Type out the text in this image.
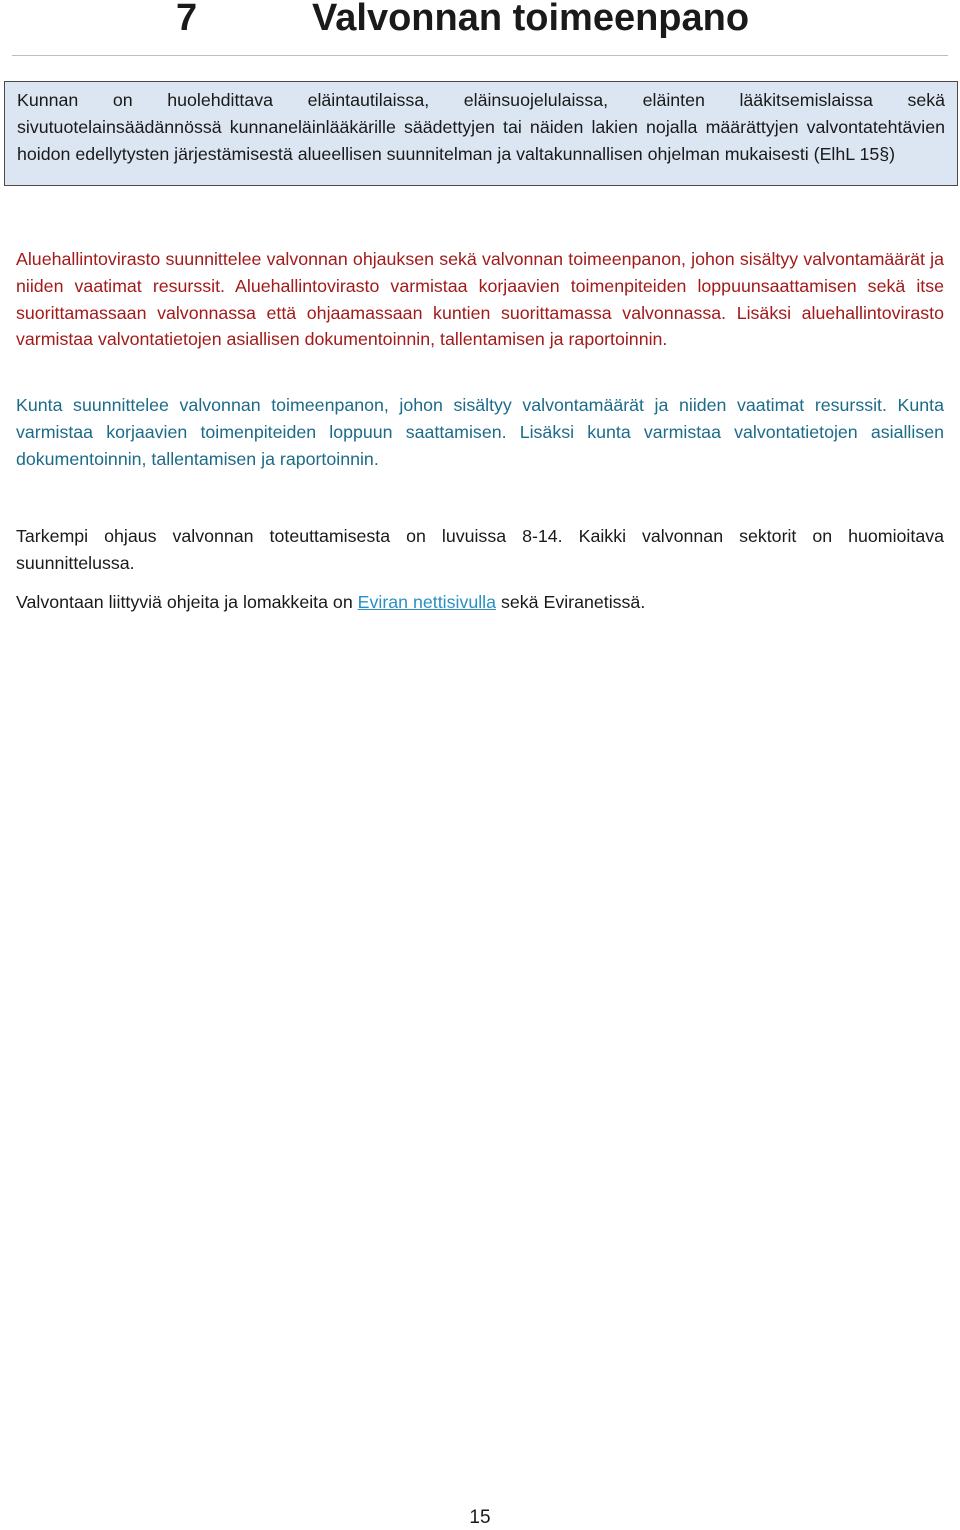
7	Valvonnan toimeenpano
Kunnan on huolehdittava eläintautilaissa, eläinsuojelulaissa, eläinten lääkitsemislaissa sekä sivutuotelainsäädännössä kunnaneläinlääkärille säädettyjen tai näiden lakien nojalla määrättyjen valvontatehtävien hoidon edellytysten järjestämisestä alueellisen suunnitelman ja valtakunnallisen ohjelman mukaisesti (ElhL 15§)

Aluehallintovirasto suunnittelee valvonnan ohjauksen sekä valvonnan toimeenpanon, johon sisältyy valvontamäärät ja niiden vaatimat resurssit. Aluehallintovirasto varmistaa korjaavien toimenpiteiden loppuunsaattamisen sekä itse suorittamassaan valvonnassa että ohjaamassaan kuntien suorittamassa valvonnassa. Lisäksi aluehallintovirasto varmistaa valvontatietojen asiallisen dokumentoinnin, tallentamisen ja raportoinnin.

Kunta suunnittelee valvonnan toimeenpanon, johon sisältyy valvontamäärät ja niiden vaatimat resurssit. Kunta varmistaa korjaavien toimenpiteiden loppuun saattamisen. Lisäksi kunta varmistaa valvontatietojen asiallisen dokumentoinnin, tallentamisen ja raportoinnin.

Tarkempi ohjaus valvonnan toteuttamisesta on luvuissa 8-14. Kaikki valvonnan sektorit on huomioitava suunnittelussa.

Valvontaan liittyviä ohjeita ja lomakkeita on Eviran nettisivulla sekä Eviranetissä.

15
